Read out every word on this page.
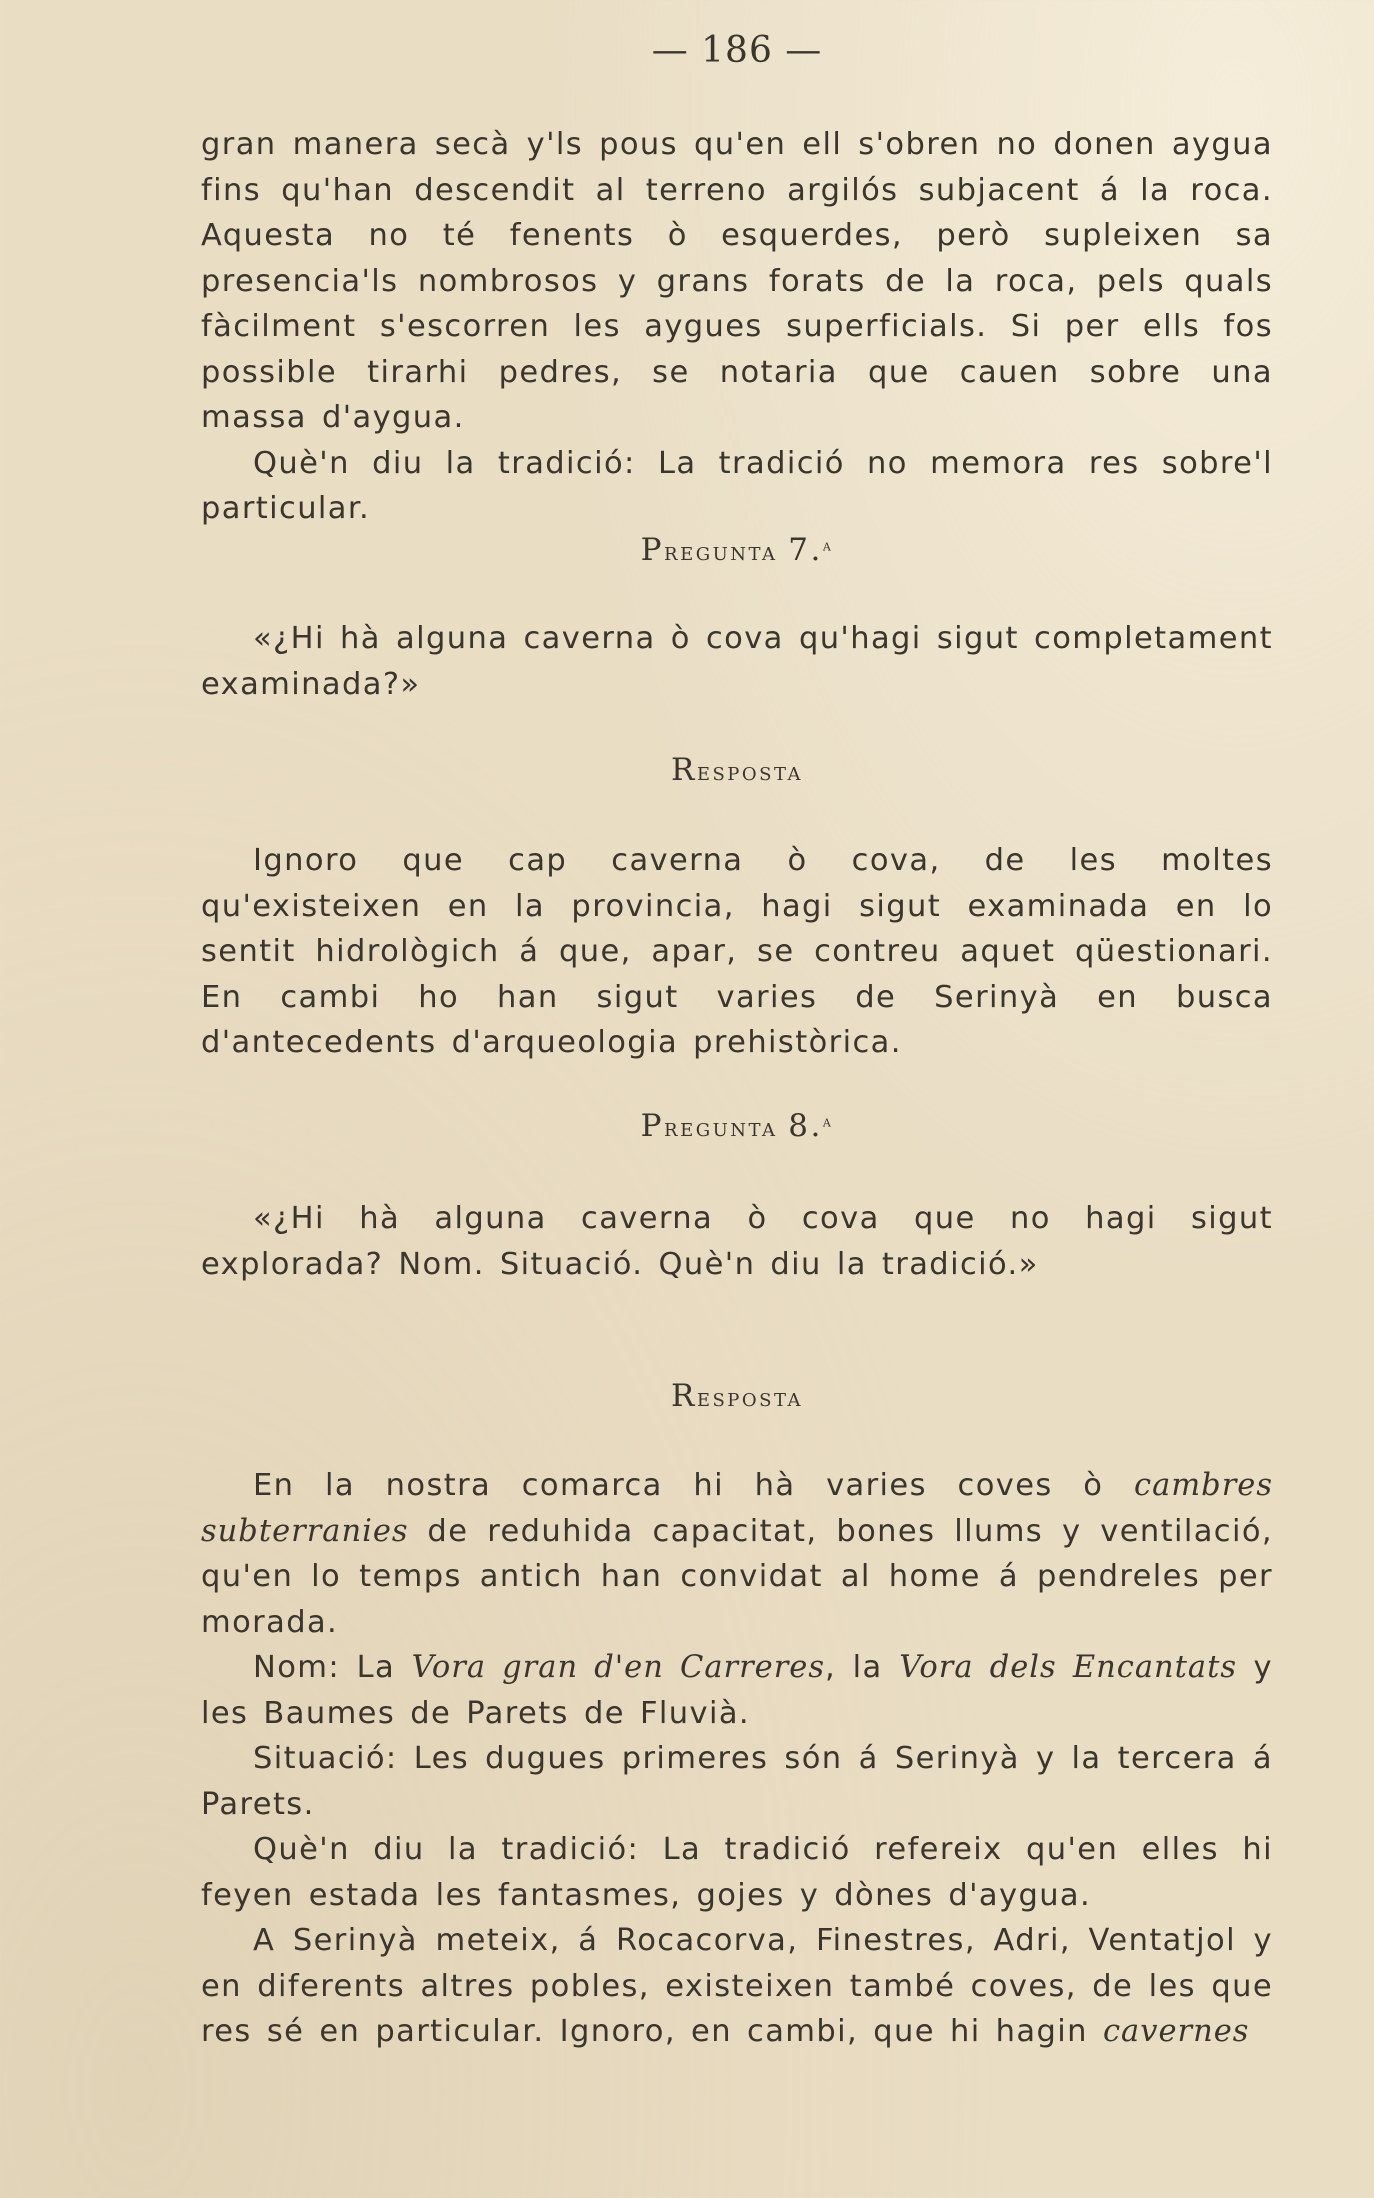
— 186 —

gran manera secà y'ls pous qu'en ell s'obren no donen aygua fins qu'han descendit al terreno argilós subjacent á la roca. Aquesta no té fenents ò esquerdes, però supleixen sa presencia'ls nombrosos y grans forats de la roca, pels quals fàcilment s'escorren les aygues superficials. Si per ells fos possible tirarhi pedres, se notaria que cauen sobre una massa d'aygua.

Què'n diu la tradició: La tradició no memora res sobre'l particular.

Pregunta 7.$^a$

«¿Hi hà alguna caverna ò cova qu'hagi sigut completament examinada?»

Resposta

Ignoro que cap caverna ò cova, de les moltes qu'existeixen en la provincia, hagi sigut examinada en lo sentit hidrològich á que, apar, se contreu aquet qüestionari. En cambi ho han sigut varies de Serinyà en busca d'antecedents d'arqueologia prehistòrica.

Pregunta 8.$^a$

«¿Hi hà alguna caverna ò cova que no hagi sigut explorada? Nom. Situació. Què'n diu la tradició.»

Resposta

En la nostra comarca hi hà varies coves ò cambres subterranies de reduhida capacitat, bones llums y ventilació, qu'en lo temps antich han convidat al home á pendreles per morada.

Nom: La Vora gran d'en Carreres, la Vora dels Encantats y les Baumes de Parets de Fluvià.

Situació: Les dugues primeres són á Serinyà y la tercera á Parets.

Què'n diu la tradició: La tradició refereix qu'en elles hi feyen estada les fantasmes, gojes y dònes d'aygua.

A Serinyà meteix, á Rocacorva, Finestres, Adri, Ventatjol y en diferents altres pobles, existeixen també coves, de les que res sé en particular. Ignoro, en cambi, que hi hagin cavernes
